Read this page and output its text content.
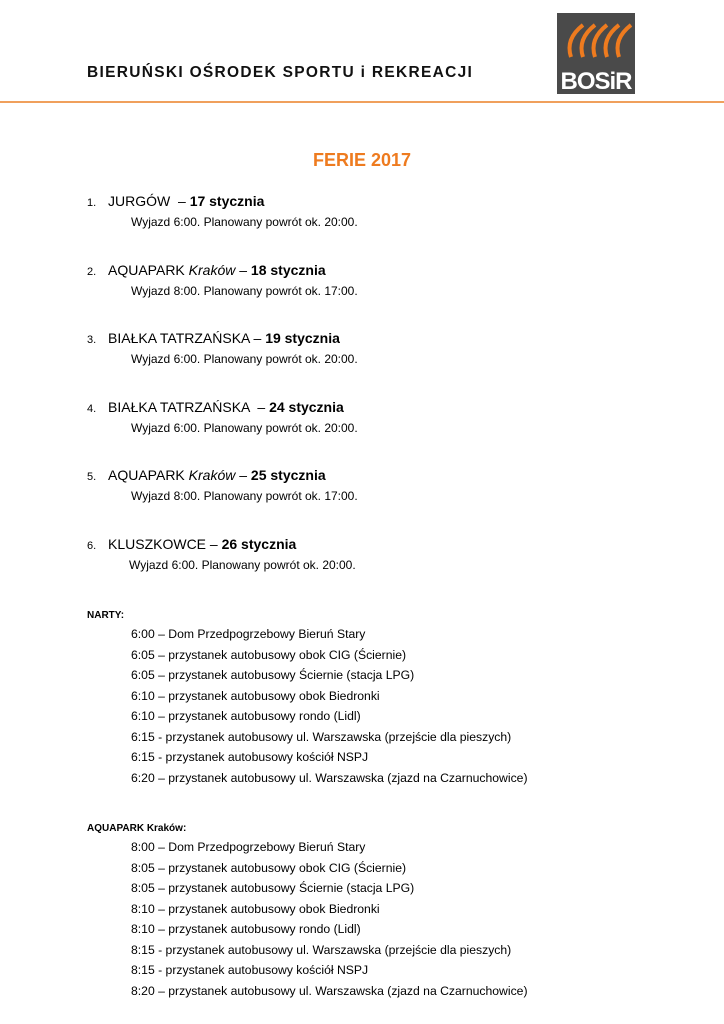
BIERUŃSKI OŚRODEK SPORTU i REKREACJI	BOSiR
FERIE 2017
1. JURGÓW  – 17 stycznia
Wyjazd 6:00. Planowany powrót ok. 20:00.
2. AQUAPARK Kraków – 18 stycznia
Wyjazd 8:00. Planowany powrót ok. 17:00.
3. BIAŁKA TATRZAŃSKA – 19 stycznia
Wyjazd 6:00. Planowany powrót ok. 20:00.
4. BIAŁKA TATRZAŃSKA  – 24 stycznia
Wyjazd 6:00. Planowany powrót ok. 20:00.
5. AQUAPARK Kraków – 25 stycznia
Wyjazd 8:00. Planowany powrót ok. 17:00.
6. KLUSZKOWCE – 26 stycznia
Wyjazd 6:00. Planowany powrót ok. 20:00.
NARTY:
6:00 – Dom Przedpogrzebowy Bieruń Stary
6:05 – przystanek autobusowy obok CIG (Ściernie)
6:05 – przystanek autobusowy Ściernie (stacja LPG)
6:10 – przystanek autobusowy obok Biedronki
6:10 – przystanek autobusowy rondo (Lidl)
6:15 - przystanek autobusowy ul. Warszawska (przejście dla pieszych)
6:15 - przystanek autobusowy kościół NSPJ
6:20 – przystanek autobusowy ul. Warszawska (zjazd na Czarnuchowice)
AQUAPARK Kraków:
8:00 – Dom Przedpogrzebowy Bieruń Stary
8:05 – przystanek autobusowy obok CIG (Ściernie)
8:05 – przystanek autobusowy Ściernie (stacja LPG)
8:10 – przystanek autobusowy obok Biedronki
8:10 – przystanek autobusowy rondo (Lidl)
8:15 - przystanek autobusowy ul. Warszawska (przejście dla pieszych)
8:15 - przystanek autobusowy kościół NSPJ
8:20 – przystanek autobusowy ul. Warszawska (zjazd na Czarnuchowice)
